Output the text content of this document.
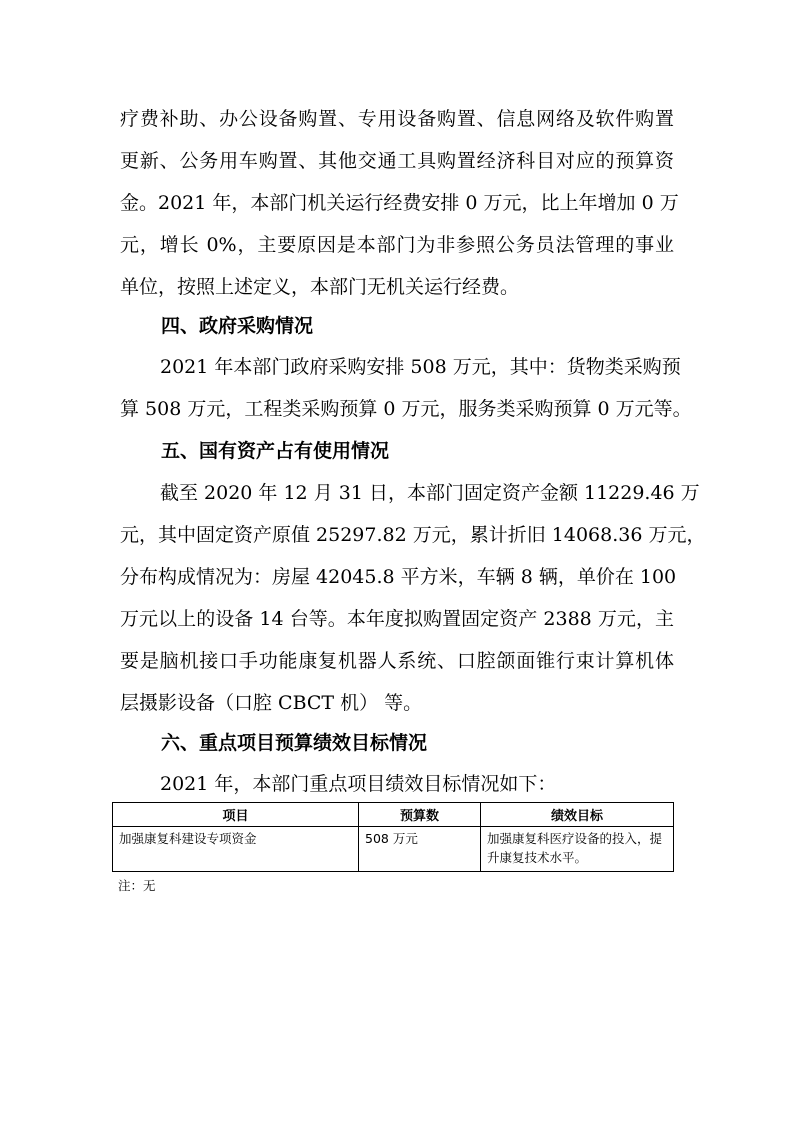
疗费补助、办公设备购置、专用设备购置、信息网络及软件购置
更新、公务用车购置、其他交通工具购置经济科目对应的预算资
金。2021 年，本部门机关运行经费安排 0 万元，比上年增加 0 万
元，增长 0%，主要原因是本部门为非参照公务员法管理的事业
单位，按照上述定义，本部门无机关运行经费。

四、政府采购情况

2021 年本部门政府采购安排 508 万元，其中：货物类采购预
算 508 万元，工程类采购预算 0 万元，服务类采购预算 0 万元等。

五、国有资产占有使用情况

截至 2020 年 12 月 31 日，本部门固定资产金额 11229.46 万
元，其中固定资产原值 25297.82 万元，累计折旧 14068.36 万元，
分布构成情况为：房屋 42045.8 平方米，车辆 8 辆，单价在 100
万元以上的设备 14 台等。本年度拟购置固定资产 2388 万元，主
要是脑机接口手功能康复机器人系统、口腔颌面锥行束计算机体
层摄影设备（口腔 CBCT 机） 等。

六、重点项目预算绩效目标情况

2021 年，本部门重点项目绩效目标情况如下：

项目	预算数	绩效目标
加强康复科建设专项资金	508 万元	加强康复科医疗设备的投入，提升康复技术水平。

注：无
